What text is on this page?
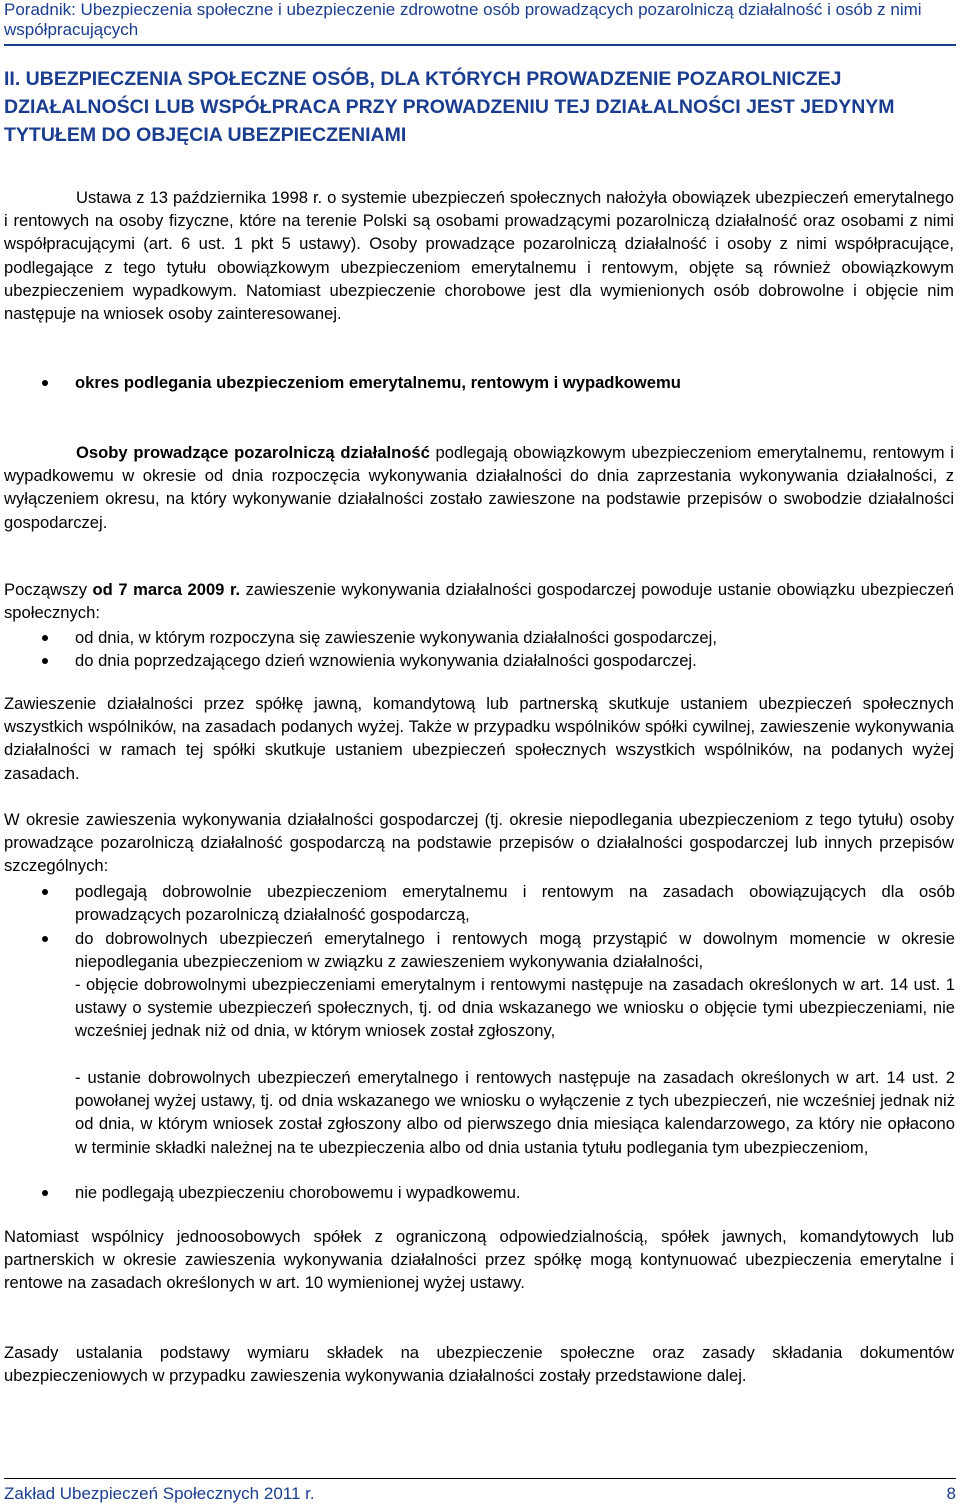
Poradnik: Ubezpieczenia społeczne i ubezpieczenie zdrowotne osób prowadzących pozarolniczą działalność i osób z nimi współpracujących
II. UBEZPIECZENIA SPOŁECZNE OSÓB, DLA KTÓRYCH PROWADZENIE POZAROLNICZEJ DZIAŁALNOŚCI LUB WSPÓŁPRACA PRZY PROWADZENIU TEJ DZIAŁALNOŚCI JEST JEDYNYM TYTUŁEM DO OBJĘCIA UBEZPIECZENIAMI
Ustawa z 13 października 1998 r. o systemie ubezpieczeń społecznych nałożyła obowiązek ubezpieczeń emerytalnego i rentowych na osoby fizyczne, które na terenie Polski są osobami prowadzącymi pozarolniczą działalność oraz osobami z nimi współpracującymi (art. 6 ust. 1 pkt 5 ustawy). Osoby prowadzące pozarolniczą działalność i osoby z nimi współpracujące, podlegające z tego tytułu obowiązkowym ubezpieczeniom emerytalnemu i rentowym, objęte są również obowiązkowym ubezpieczeniem wypadkowym. Natomiast ubezpieczenie chorobowe jest dla wymienionych osób dobrowolne i objęcie nim następuje na wniosek osoby zainteresowanej.
okres podlegania ubezpieczeniom emerytalnemu, rentowym i wypadkowemu
Osoby prowadzące pozarolniczą działalność podlegają obowiązkowym ubezpieczeniom emerytalnemu, rentowym i wypadkowemu w okresie od dnia rozpoczęcia wykonywania działalności do dnia zaprzestania wykonywania działalności, z wyłączeniem okresu, na który wykonywanie działalności zostało zawieszone na podstawie przepisów o swobodzie działalności gospodarczej.
Począwszy od 7 marca 2009 r. zawieszenie wykonywania działalności gospodarczej powoduje ustanie obowiązku ubezpieczeń społecznych:
od dnia, w którym rozpoczyna się zawieszenie wykonywania działalności gospodarczej,
do dnia poprzedzającego dzień wznowienia wykonywania działalności gospodarczej.
Zawieszenie działalności przez spółkę jawną, komandytową lub partnerską skutkuje ustaniem ubezpieczeń społecznych wszystkich wspólników, na zasadach podanych wyżej. Także w przypadku wspólników spółki cywilnej, zawieszenie wykonywania działalności w ramach tej spółki skutkuje ustaniem ubezpieczeń społecznych wszystkich wspólników, na podanych wyżej zasadach.
W okresie zawieszenia wykonywania działalności gospodarczej (tj. okresie niepodlegania ubezpieczeniom z tego tytułu) osoby prowadzące pozarolniczą działalność gospodarczą na podstawie przepisów o działalności gospodarczej lub innych przepisów szczególnych:
podlegają dobrowolnie ubezpieczeniom emerytalnemu i rentowym na zasadach obowiązujących dla osób prowadzących pozarolniczą działalność gospodarczą,
do dobrowolnych ubezpieczeń emerytalnego i rentowych mogą przystąpić w dowolnym momencie w okresie niepodlegania ubezpieczeniom w związku z zawieszeniem wykonywania działalności,
- objęcie dobrowolnymi ubezpieczeniami emerytalnym i rentowymi następuje na zasadach określonych w art. 14 ust. 1 ustawy o systemie ubezpieczeń społecznych, tj. od dnia wskazanego we wniosku o objęcie tymi ubezpieczeniami, nie wcześniej jednak niż od dnia, w którym wniosek został zgłoszony,
- ustanie dobrowolnych ubezpieczeń emerytalnego i rentowych następuje na zasadach określonych w art. 14 ust. 2 powołanej wyżej ustawy, tj. od dnia wskazanego we wniosku o wyłączenie z tych ubezpieczeń, nie wcześniej jednak niż od dnia, w którym wniosek został zgłoszony albo od pierwszego dnia miesiąca kalendarzowego, za który nie opłacono w terminie składki należnej na te ubezpieczenia albo od dnia ustania tytułu podlegania tym ubezpieczeniom,
nie podlegają ubezpieczeniu chorobowemu i wypadkowemu.
Natomiast wspólnicy jednoosobowych spółek z ograniczoną odpowiedzialnością, spółek jawnych, komandytowych lub partnerskich w okresie zawieszenia wykonywania działalności przez spółkę mogą kontynuować ubezpieczenia emerytalne i rentowe na zasadach określonych w art. 10 wymienionej wyżej ustawy.
Zasady ustalania podstawy wymiaru składek na ubezpieczenie społeczne oraz zasady składania dokumentów ubezpieczeniowych w przypadku zawieszenia wykonywania działalności zostały przedstawione dalej.
Zakład Ubezpieczeń Społecznych 2011 r.	8
